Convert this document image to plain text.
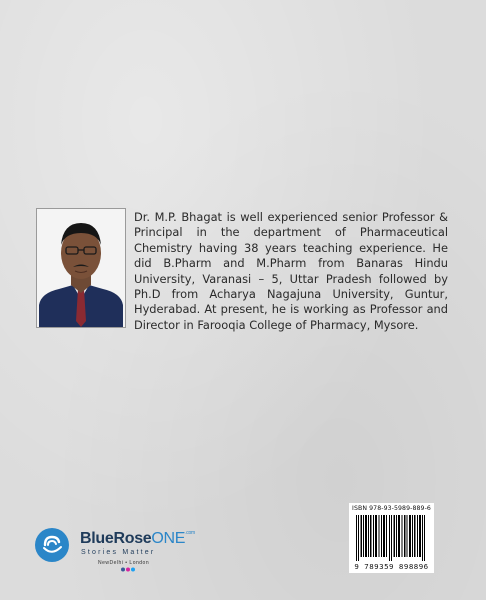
Dr. M.P. Bhagat is well experienced senior Professor & Principal in the department of Pharmaceutical Chemistry having 38 years teaching experience. He did B.Pharm and M.Pharm from Banaras Hindu University, Varanasi – 5, Uttar Pradesh followed by Ph.D from Acharya Nagajuna University, Guntur, Hyderabad. At present, he is working as Professor and Director in Farooqia College of Pharmacy, Mysore.

ISBN 978-93-5989-889-6
9 789359 898896
BlueRoseONE$^{.com}$
Stories Matter
NewDelhi • London
